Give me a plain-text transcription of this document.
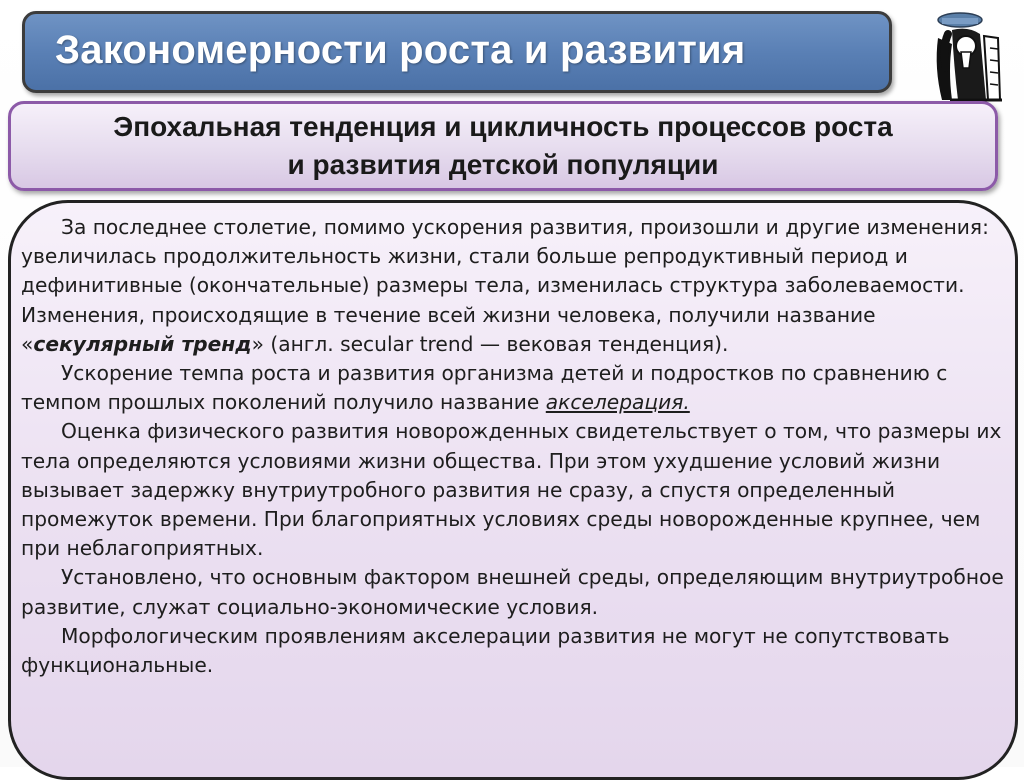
Закономерности роста и развития
Эпохальная тенденция и цикличность процессов роста
и развития детской популяции

За последнее столетие, помимо ускорения развития, произошли и другие изменения: увеличилась продолжительность жизни, стали больше репродуктивный период и дефинитивные (окончательные) размеры тела, изменилась структура заболеваемости. Изменения, происходящие в течение всей жизни человека, получили название «секулярный тренд» (англ. secular trend — вековая тенденция).

Ускорение темпа роста и развития организма детей и подростков по сравнению с темпом прошлых поколений получило название акселерация.

Оценка физического развития новорожденных свидетельствует о том, что размеры их тела определяются условиями жизни общества. При этом ухудшение условий жизни вызывает задержку внутриутробного развития не сразу, а спустя определенный промежуток времени. При благоприятных условиях среды новорожденные крупнее, чем при неблагоприятных.

Установлено, что основным фактором внешней среды, определяющим внутриутробное развитие, служат социально-экономические условия.

Морфологическим проявлениям акселерации развития не могут не сопутствовать функциональные.
